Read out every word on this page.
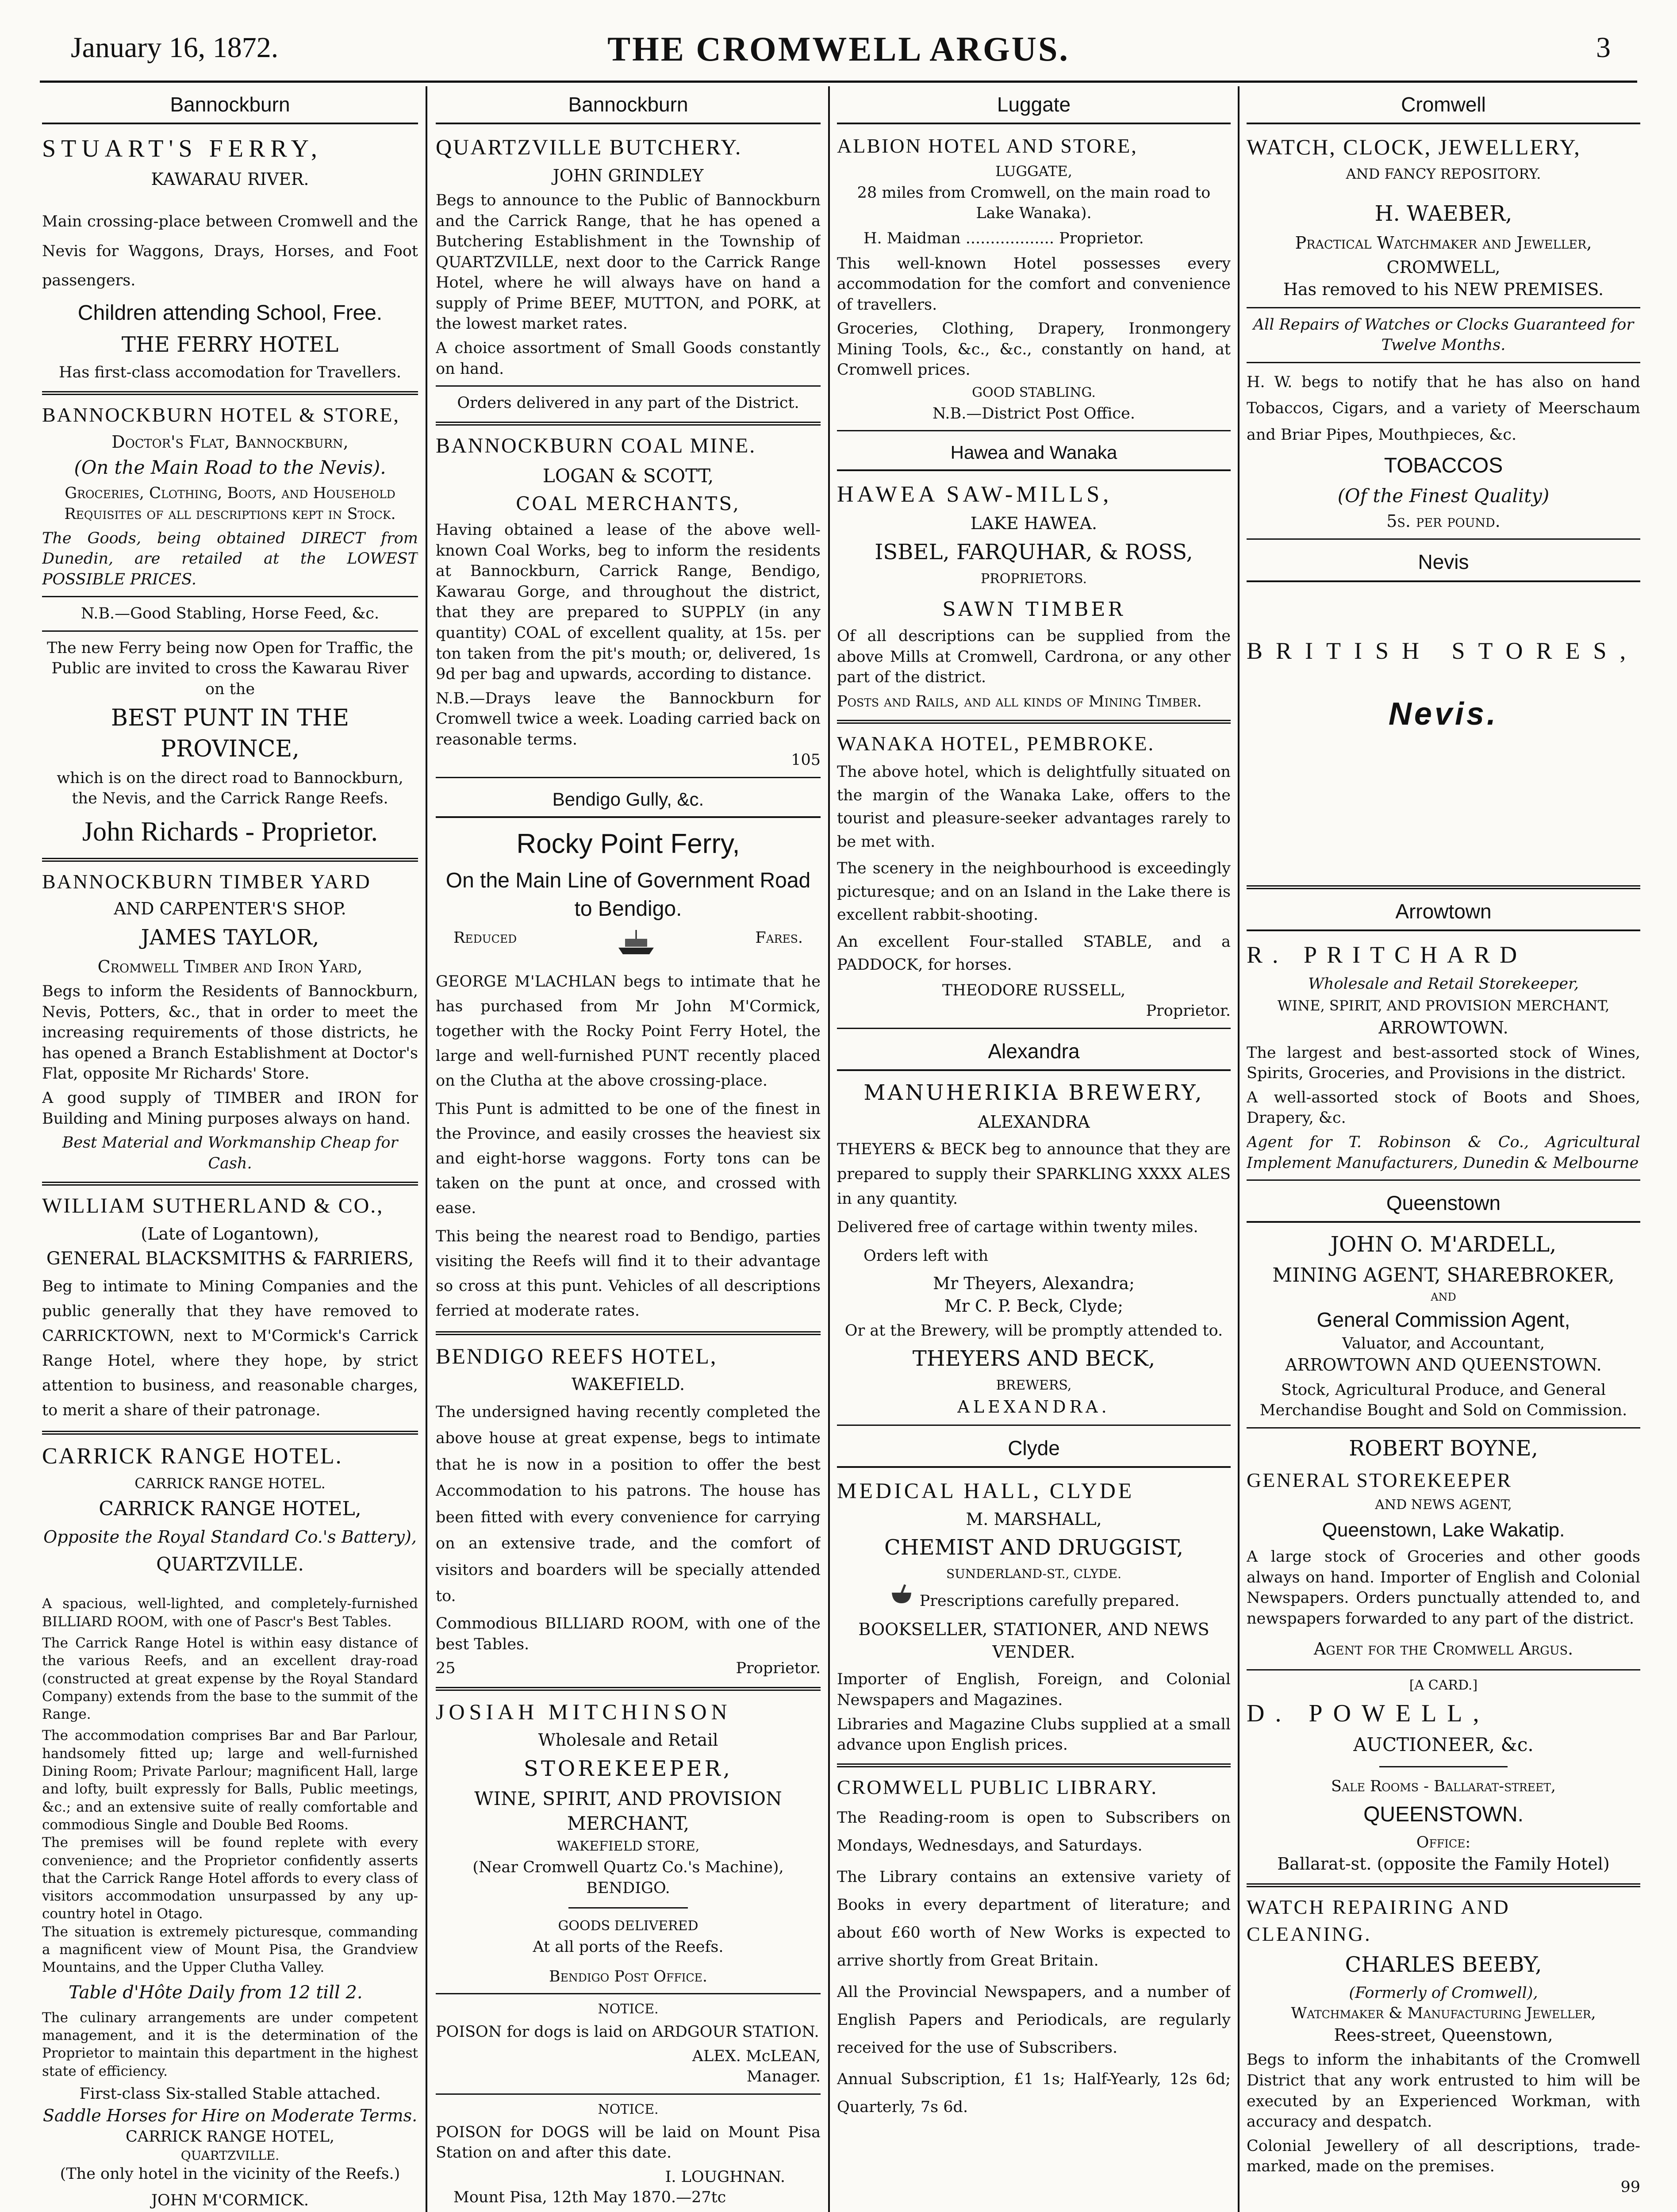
January 16, 1872.	THE CROMWELL ARGUS.	3
Bannockburn
STUART'S FERRY,
KAWARAU RIVER.

Main crossing-place between Cromwell and the Nevis for Waggons, Drays, Horses, and Foot passengers.

Children attending School, Free.
THE FERRY HOTEL
Has first-class accomodation for Travellers.
BANNOCKBURN HOTEL & STORE,
Doctor's Flat, Bannockburn,
(On the Main Road to the Nevis).

Groceries, Clothing, Boots, and Household Requisites of all descriptions kept in Stock.

The Goods, being obtained DIRECT from Dunedin, are retailed at the LOWEST POSSIBLE PRICES.

N.B.—Good Stabling, Horse Feed, &c.

The new Ferry being now Open for Traffic, the Public are invited to cross the Kawarau River on the

BEST PUNT IN THE PROVINCE,

which is on the direct road to Bannockburn, the Nevis, and the Carrick Range Reefs.

John Richards - Proprietor.
BANNOCKBURN TIMBER YARD
AND CARPENTER'S SHOP.
JAMES TAYLOR,
Cromwell Timber and Iron Yard,

Begs to inform the Residents of Bannockburn, Nevis, Potters, &c., that in order to meet the increasing requirements of those districts, he has opened a Branch Establishment at Doctor's Flat, opposite Mr Richards' Store.

A good supply of TIMBER and IRON for Building and Mining purposes always on hand.

Best Material and Workmanship Cheap for Cash.
WILLIAM SUTHERLAND & CO.,
(Late of Logantown),
GENERAL BLACKSMITHS & FARRIERS,

Beg to intimate to Mining Companies and the public generally that they have removed to CARRICKTOWN, next to M'Cormick's Carrick Range Hotel, where they hope, by strict attention to business, and reasonable charges, to merit a share of their patronage.

CARRICK RANGE HOTEL.
CARRICK RANGE HOTEL.
CARRICK RANGE HOTEL,
Opposite the Royal Standard Co.'s Battery),
QUARTZVILLE.

A spacious, well-lighted, and completely-furnished BILLIARD ROOM, with one of Pascr's Best Tables.

The Carrick Range Hotel is within easy distance of the various Reefs, and an excellent dray-road (constructed at great expense by the Royal Standard Company) extends from the base to the summit of the Range.

The accommodation comprises Bar and Bar Parlour, handsomely fitted up; large and well-furnished Dining Room; Private Parlour; magnificent Hall, large and lofty, built expressly for Balls, Public meetings, &c.; and an extensive suite of really comfortable and commodious Single and Double Bed Rooms.

The premises will be found replete with every convenience; and the Proprietor confidently asserts that the Carrick Range Hotel affords to every class of visitors accommodation unsurpassed by any up-country hotel in Otago.

The situation is extremely picturesque, commanding a magnificent view of Mount Pisa, the Grandview Mountains, and the Upper Clutha Valley.

Table d'Hôte Daily from 12 till 2.

The culinary arrangements are under competent management, and it is the determination of the Proprietor to maintain this department in the highest state of efficiency.

First-class Six-stalled Stable attached.
Saddle Horses for Hire on Moderate Terms.
CARRICK RANGE HOTEL,
QUARTZVILLE.
(The only hotel in the vicinity of the Reefs.)
JOHN M'CORMICK.
Bannockburn
QUARTZVILLE BUTCHERY.
JOHN GRINDLEY

Begs to announce to the Public of Bannockburn and the Carrick Range, that he has opened a Butchering Establishment in the Township of QUARTZVILLE, next door to the Carrick Range Hotel, where he will always have on hand a supply of Prime BEEF, MUTTON, and PORK, at the lowest market rates.

A choice assortment of Small Goods constantly on hand.

Orders delivered in any part of the District.
BANNOCKBURN COAL MINE.
LOGAN & SCOTT,
COAL MERCHANTS,

Having obtained a lease of the above well-known Coal Works, beg to inform the residents at Bannockburn, Carrick Range, Bendigo, Kawarau Gorge, and throughout the district, that they are prepared to SUPPLY (in any quantity) COAL of excellent quality, at 15s. per ton taken from the pit's mouth; or, delivered, 1s 9d per bag and upwards, according to distance.

N.B.—Drays leave the Bannockburn for Cromwell twice a week. Loading carried back on reasonable terms.

105
Bendigo Gully, &c.
Rocky Point Ferry,
On the Main Line of Government Road to Bendigo.
Reduced	Fares.

GEORGE M'LACHLAN begs to intimate that he has purchased from Mr John M'Cormick, together with the Rocky Point Ferry Hotel, the large and well-furnished PUNT recently placed on the Clutha at the above crossing-place.

This Punt is admitted to be one of the finest in the Province, and easily crosses the heaviest six and eight-horse waggons. Forty tons can be taken on the punt at once, and crossed with ease.

This being the nearest road to Bendigo, parties visiting the Reefs will find it to their advantage so cross at this punt. Vehicles of all descriptions ferried at moderate rates.

BENDIGO REEFS HOTEL,
WAKEFIELD.

The undersigned having recently completed the above house at great expense, begs to intimate that he is now in a position to offer the best Accommodation to his patrons. The house has been fitted with every convenience for carrying on an extensive trade, and the comfort of visitors and boarders will be specially attended to.

Commodious BILLIARD ROOM, with one of the best Tables.

25	Proprietor.
JOSIAH MITCHINSON
Wholesale and Retail
STOREKEEPER,
WINE, SPIRIT, AND PROVISION MERCHANT,
WAKEFIELD STORE,
(Near Cromwell Quartz Co.'s Machine),
BENDIGO.
GOODS DELIVERED
At all ports of the Reefs.
Bendigo Post Office.
NOTICE.

POISON for dogs is laid on ARDGOUR STATION.

ALEX. McLEAN,
Manager.
NOTICE.

POISON for DOGS will be laid on Mount Pisa Station on and after this date.

I. LOUGHNAN.
Mount Pisa, 12th May 1870.—27tc
Luggate
ALBION HOTEL AND STORE,
LUGGATE,
28 miles from Cromwell, on the main road to Lake Wanaka).
H. Maidman .................. Proprietor.

This well-known Hotel possesses every accommodation for the comfort and convenience of travellers.

Groceries, Clothing, Drapery, Ironmongery Mining Tools, &c., &c., constantly on hand, at Cromwell prices.

GOOD STABLING.
N.B.—District Post Office.
Hawea and Wanaka
HAWEA SAW-MILLS,
LAKE HAWEA.
ISBEL, FARQUHAR, & ROSS,
PROPRIETORS.
SAWN TIMBER

Of all descriptions can be supplied from the above Mills at Cromwell, Cardrona, or any other part of the district.

Posts and Rails, and all kinds of Mining Timber.

WANAKA HOTEL, PEMBROKE.

The above hotel, which is delightfully situated on the margin of the Wanaka Lake, offers to the tourist and pleasure-seeker advantages rarely to be met with.

The scenery in the neighbourhood is exceedingly picturesque; and on an Island in the Lake there is excellent rabbit-shooting.

An excellent Four-stalled STABLE, and a PADDOCK, for horses.

THEODORE RUSSELL,
Proprietor.
Alexandra
MANUHERIKIA BREWERY,
ALEXANDRA

THEYERS & BECK beg to announce that they are prepared to supply their SPARKLING XXXX ALES in any quantity.

Delivered free of cartage within twenty miles.

Orders left with
Mr Theyers, Alexandra;
Mr C. P. Beck, Clyde;

Or at the Brewery, will be promptly attended to.

THEYERS AND BECK,
BREWERS,
ALEXANDRA.
Clyde
MEDICAL HALL, CLYDE
M. MARSHALL,
CHEMIST AND DRUGGIST,
SUNDERLAND-ST., CLYDE.
Prescriptions carefully prepared.
BOOKSELLER, STATIONER, AND NEWS VENDER.

Importer of English, Foreign, and Colonial Newspapers and Magazines.

Libraries and Magazine Clubs supplied at a small advance upon English prices.

CROMWELL PUBLIC LIBRARY.

The Reading-room is open to Subscribers on Mondays, Wednesdays, and Saturdays.

The Library contains an extensive variety of Books in every department of literature; and about £60 worth of New Works is expected to arrive shortly from Great Britain.

All the Provincial Newspapers, and a number of English Papers and Periodicals, are regularly received for the use of Subscribers.

Annual Subscription, £1 1s; Half-Yearly, 12s 6d; Quarterly, 7s 6d.

Cromwell
WATCH, CLOCK, JEWELLERY,
AND FANCY REPOSITORY.
H. WAEBER,
Practical Watchmaker and Jeweller,
CROMWELL,
Has removed to his NEW PREMISES.

All Repairs of Watches or Clocks Guaranteed for Twelve Months.

H. W. begs to notify that he has also on hand Tobaccos, Cigars, and a variety of Meerschaum and Briar Pipes, Mouthpieces, &c.

TOBACCOS
(Of the Finest Quality)
5s. per pound.
Nevis
BRITISH STORES,
Nevis.
Arrowtown
R. PRITCHARD
Wholesale and Retail Storekeeper,
WINE, SPIRIT, AND PROVISION MERCHANT,
ARROWTOWN.

The largest and best-assorted stock of Wines, Spirits, Groceries, and Provisions in the district.

A well-assorted stock of Boots and Shoes, Drapery, &c.

Agent for T. Robinson & Co., Agricultural Implement Manufacturers, Dunedin & Melbourne

Queenstown
JOHN O. M'ARDELL,
MINING AGENT, SHAREBROKER,
AND
General Commission Agent,
Valuator, and Accountant,
ARROWTOWN AND QUEENSTOWN.

Stock, Agricultural Produce, and General Merchandise Bought and Sold on Commission.

ROBERT BOYNE,
GENERAL STOREKEEPER
AND NEWS AGENT,
Queenstown, Lake Wakatip.

A large stock of Groceries and other goods always on hand. Importer of English and Colonial Newspapers. Orders punctually attended to, and newspapers forwarded to any part of the district.

Agent for the Cromwell Argus.
[A CARD.]
D. POWELL,
AUCTIONEER, &c.
Sale Rooms - Ballarat-street,
QUEENSTOWN.
Office:
Ballarat-st. (opposite the Family Hotel)
WATCH REPAIRING AND CLEANING.
CHARLES BEEBY,
(Formerly of Cromwell),
Watchmaker & Manufacturing Jeweller,
Rees-street, Queenstown,

Begs to inform the inhabitants of the Cromwell District that any work entrusted to him will be executed by an Experienced Workman, with accuracy and despatch.

Colonial Jewellery of all descriptions, trade-marked, made on the premises.

99
